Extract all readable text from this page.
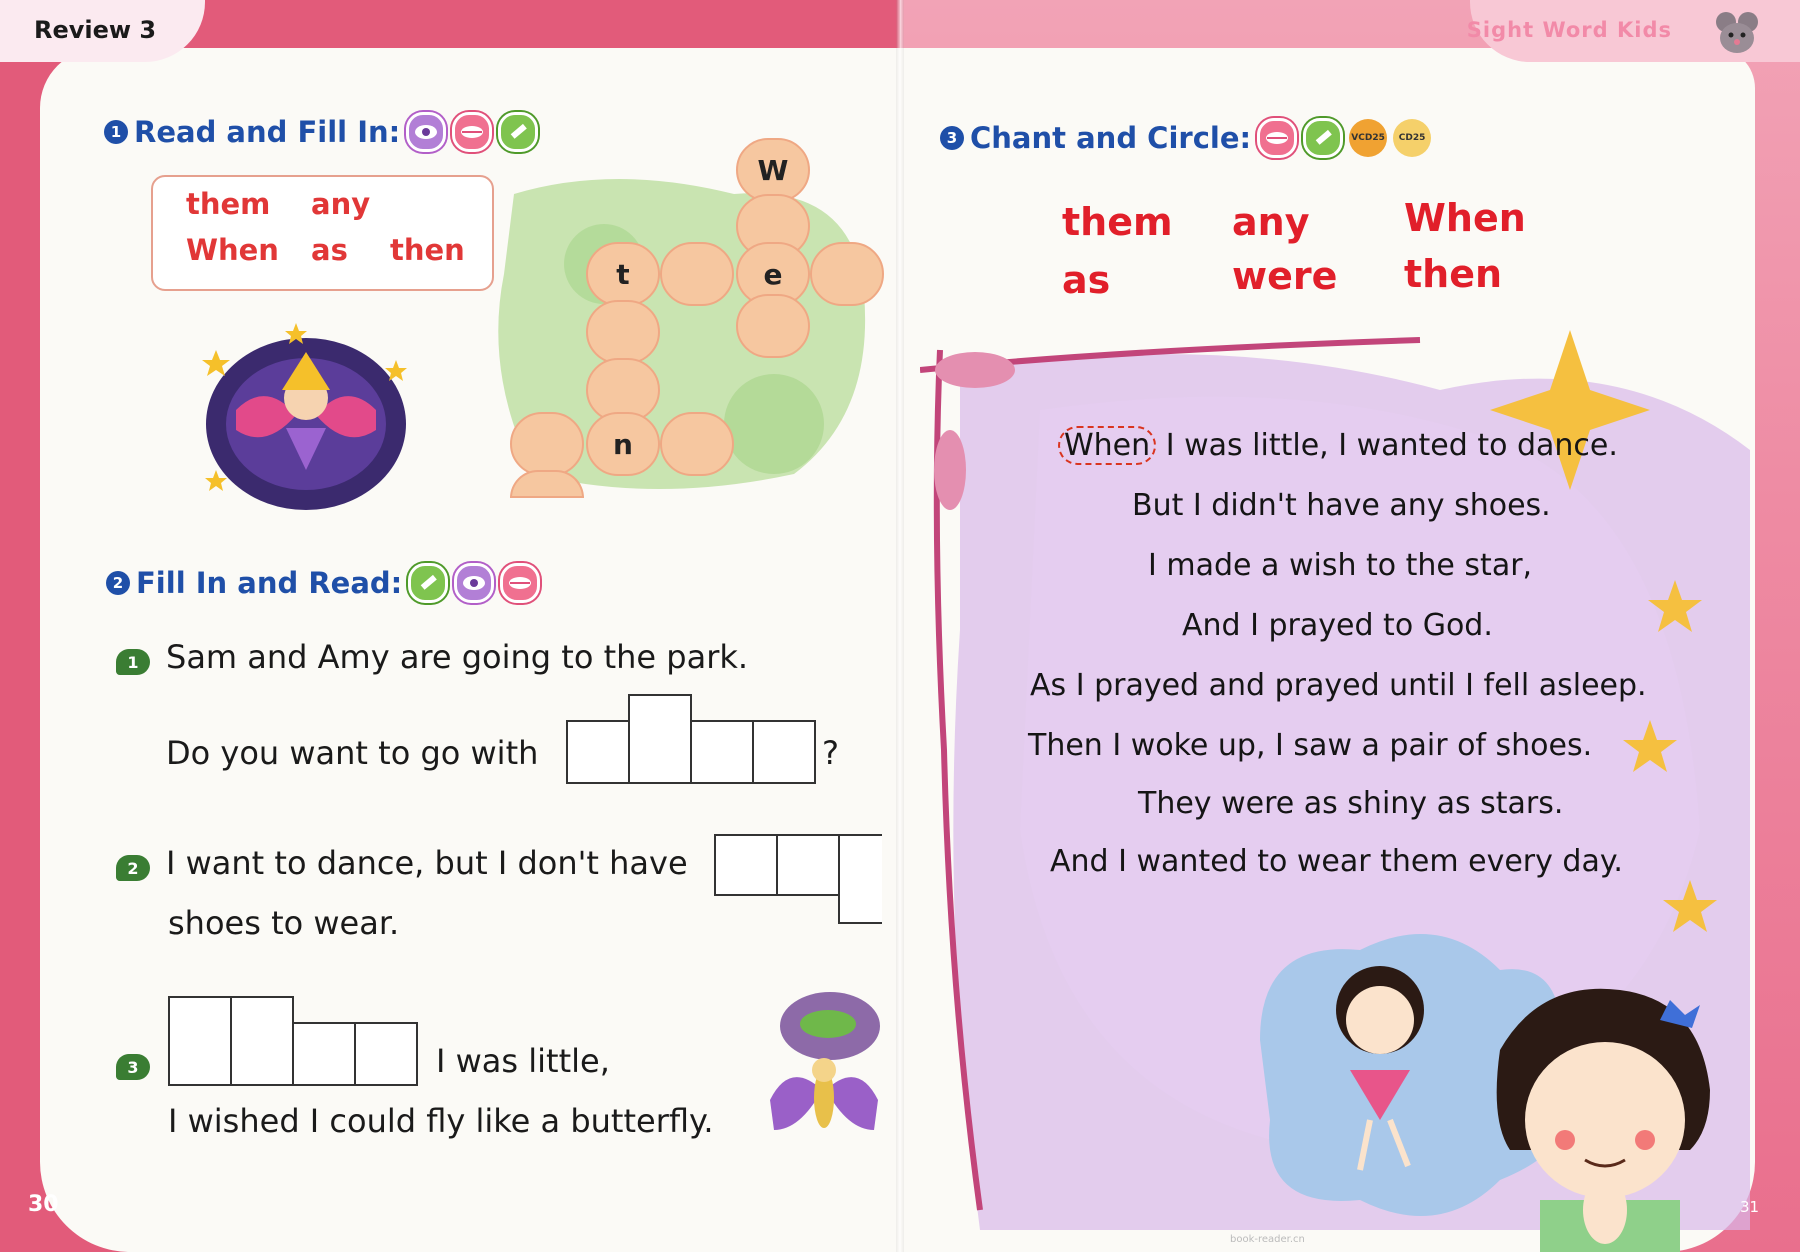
Review 3	Sight Word Kids
1 Read and Fill In:
them any
When as then
W
t	e
n
2 Fill In and Read:
1 Sam and Amy are going to the park.
Do you want to go with	?
2 I want to dance, but I don't have
shoes to wear.
3	I was little,
I wished I could fly like a butterfly.
30
3 Chant and Circle:	VCD25	CD25
them any When
as	were then
When I was little, I wanted to dance.
But I didn't have any shoes.
I made a wish to the star,
And I prayed to God.
As I prayed and prayed until I fell asleep.
Then I woke up, I saw a pair of shoes.
They were as shiny as stars.
And I wanted to wear them every day.
31
book-reader.cn
